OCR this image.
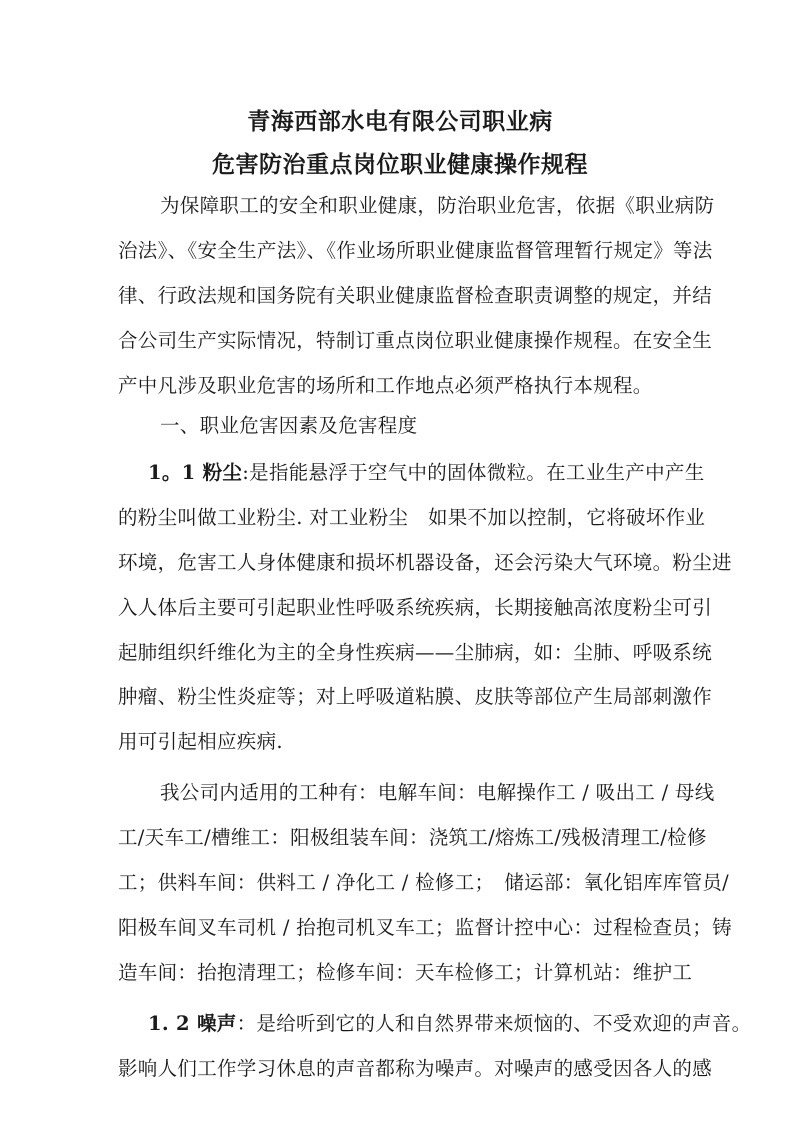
青海西部水电有限公司职业病
危害防治重点岗位职业健康操作规程
为保障职工的安全和职业健康，防治职业危害，依据《职业病防
治法》、《安全生产法》、《作业场所职业健康监督管理暂行规定》等法
律、行政法规和国务院有关职业健康监督检查职责调整的规定，并结
合公司生产实际情况，特制订重点岗位职业健康操作规程。在安全生
产中凡涉及职业危害的场所和工作地点必须严格执行本规程。
一、职业危害因素及危害程度
1。1 粉尘:是指能悬浮于空气中的固体微粒。在工业生产中产生
的粉尘叫做工业粉尘. 对工业粉尘　如果不加以控制，它将破坏作业
环境，危害工人身体健康和损坏机器设备，还会污染大气环境。粉尘进
入人体后主要可引起职业性呼吸系统疾病，长期接触高浓度粉尘可引
起肺组织纤维化为主的全身性疾病——尘肺病，如：尘肺、呼吸系统
肿瘤、粉尘性炎症等；对上呼吸道粘膜、皮肤等部位产生局部刺激作
用可引起相应疾病.
我公司内适用的工种有：电解车间：电解操作工 / 吸出工 / 母线
工/天车工/槽维工：阳极组装车间：浇筑工/熔炼工/残极清理工/检修
工；供料车间：供料工 / 净化工 / 检修工；　储运部：氧化铝库库管员/
阳极车间叉车司机 / 抬抱司机叉车工；监督计控中心：过程检查员；铸
造车间：抬抱清理工；检修车间：天车检修工；计算机站：维护工
1. 2 噪声：是给听到它的人和自然界带来烦恼的、不受欢迎的声音。
影响人们工作学习休息的声音都称为噪声。对噪声的感受因各人的感
